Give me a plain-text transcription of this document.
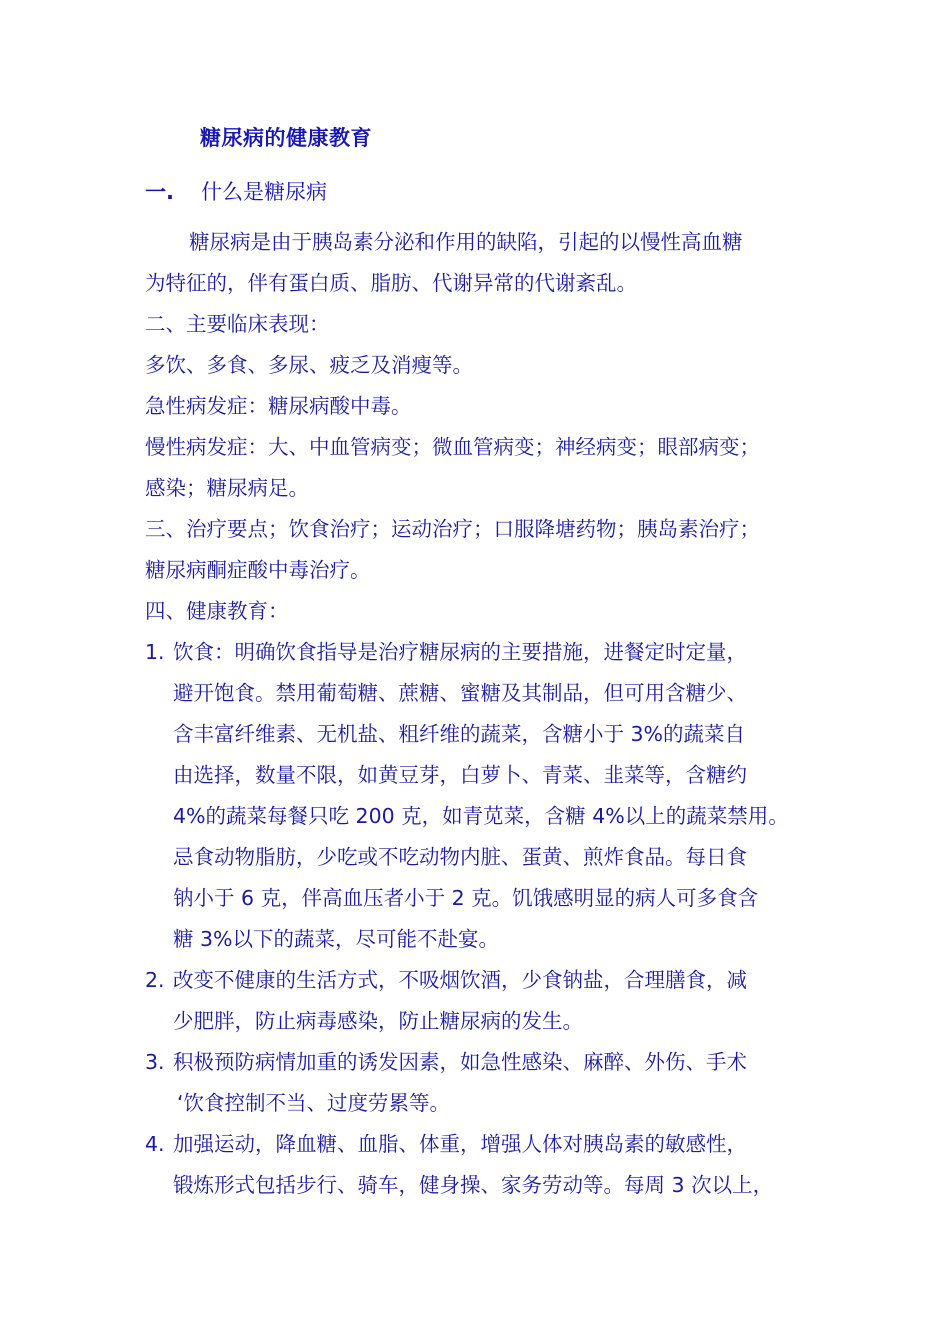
糖尿病的健康教育
一. 什么是糖尿病

糖尿病是由于胰岛素分泌和作用的缺陷，引起的以慢性高血糖

为特征的，伴有蛋白质、脂肪、代谢异常的代谢紊乱。

二、主要临床表现：

多饮、多食、多尿、疲乏及消瘦等。

急性病发症：糖尿病酸中毒。

慢性病发症：大、中血管病变；微血管病变；神经病变；眼部病变；

感染；糖尿病足。

三、治疗要点；饮食治疗；运动治疗；口服降塘药物；胰岛素治疗；

糖尿病酮症酸中毒治疗。

四、健康教育：

1. 饮食：明确饮食指导是治疗糖尿病的主要措施，进餐定时定量，
避开饱食。禁用葡萄糖、蔗糖、蜜糖及其制品，但可用含糖少、
含丰富纤维素、无机盐、粗纤维的蔬菜，含糖小于 3%的蔬菜自
由选择，数量不限，如黄豆芽，白萝卜、青菜、韭菜等，含糖约
4%的蔬菜每餐只吃 200 克，如青苋菜，含糖 4%以上的蔬菜禁用。
忌食动物脂肪，少吃或不吃动物内脏、蛋黄、煎炸食品。每日食
钠小于 6 克，伴高血压者小于 2 克。饥饿感明显的病人可多食含
糖 3%以下的蔬菜，尽可能不赴宴。
2. 改变不健康的生活方式，不吸烟饮酒，少食钠盐，合理膳食，减
少肥胖，防止病毒感染，防止糖尿病的发生。
3. 积极预防病情加重的诱发因素，如急性感染、麻醉、外伤、手术
‘饮食控制不当、过度劳累等。
4. 加强运动，降血糖、血脂、体重，增强人体对胰岛素的敏感性，
锻炼形式包括步行、骑车，健身操、家务劳动等。每周 3 次以上，
